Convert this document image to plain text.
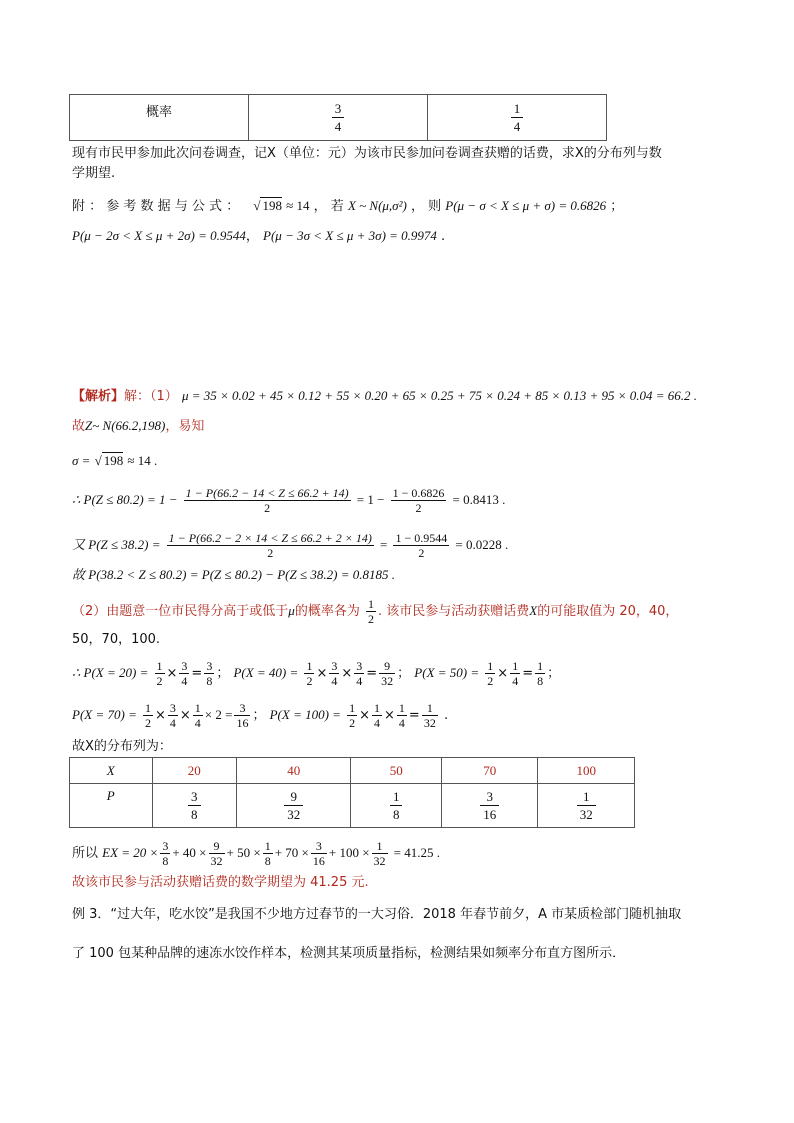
概率	$\frac{3}{4}$	$\frac{1}{4}$
现有市民甲参加此次问卷调查，记X（单位：元）为该市民参加问卷调查获赠的话费，求X的分布列与数
学期望.
附 ： 参 考 数 据 与 公 式 ： √ 198 ≈ 14 ， 若 X ~ N(μ,σ²) ， 则 P(μ − σ < X ≤ μ + σ) = 0.6826 ；
P(μ − 2σ < X ≤ μ + 2σ) = 0.9544， P(μ − 3σ < X ≤ μ + 3σ) = 0.9974 .
【解析】解：（1） μ = 35 × 0.02 + 45 × 0.12 + 55 × 0.20 + 65 × 0.25 + 75 × 0.24 + 85 × 0.13 + 95 × 0.04 = 66.2 .
故Z~ N(66.2,198)，易知
σ = √ 198 ≈ 14 .
∴ $P(Z \le 80.2) = 1 - \frac{1 - P(66.2 - 14 < Z \le 66.2 + 14)}{2} = 1 - \frac{1 - 0.6826}{2} = 0.8413$ .
又 $P(Z \le 38.2) = \frac{1 - P(66.2 - 2 \times 14 < Z \le 66.2 + 2 \times 14)}{2} = \frac{1 - 0.9544}{2} = 0.0228$ .
故 P(38.2 < Z ≤ 80.2) = P(Z ≤ 80.2) − P(Z ≤ 38.2) = 0.8185 .
（2）由题意一位市民得分高于或低于μ的概率各为 $\frac{1}{2}$ . 该市民参与活动获赠话费X的可能取值为 20，40，
50，70，100.
∴ $P(X = 20) = \frac{1}{2} \times \frac{3}{4} = \frac{3}{8}$ ； $P(X = 40) = \frac{1}{2} \times \frac{3}{4} \times \frac{3}{4} = \frac{9}{32}$ ； $P(X = 50) = \frac{1}{2} \times \frac{1}{4} = \frac{1}{8}$ ；
$P(X = 70) = \frac{1}{2} \times \frac{3}{4} \times \frac{1}{4} \times 2 = \frac{3}{16}$ ； $P(X = 100) = \frac{1}{2} \times \frac{1}{4} \times \frac{1}{4} = \frac{1}{32}$ .
故X的分布列为：
X	20	40	50	70	100
P	$\frac{3}{8}$	$\frac{9}{32}$	$\frac{1}{8}$	$\frac{3}{16}$	$\frac{1}{32}$
所以 EX = $20 \times \frac{3}{8} + 40 \times \frac{9}{32} + 50 \times \frac{1}{8} + 70 \times \frac{3}{16} + 100 \times \frac{1}{32} = 41.25$ .
故该市民参与活动获赠话费的数学期望为 41.25 元.
例 3．“过大年，吃水饺”是我国不少地方过春节的一大习俗．2018 年春节前夕，A 市某质检部门随机抽取
了 100 包某种品牌的速冻水饺作样本，检测其某项质量指标，检测结果如频率分布直方图所示．
